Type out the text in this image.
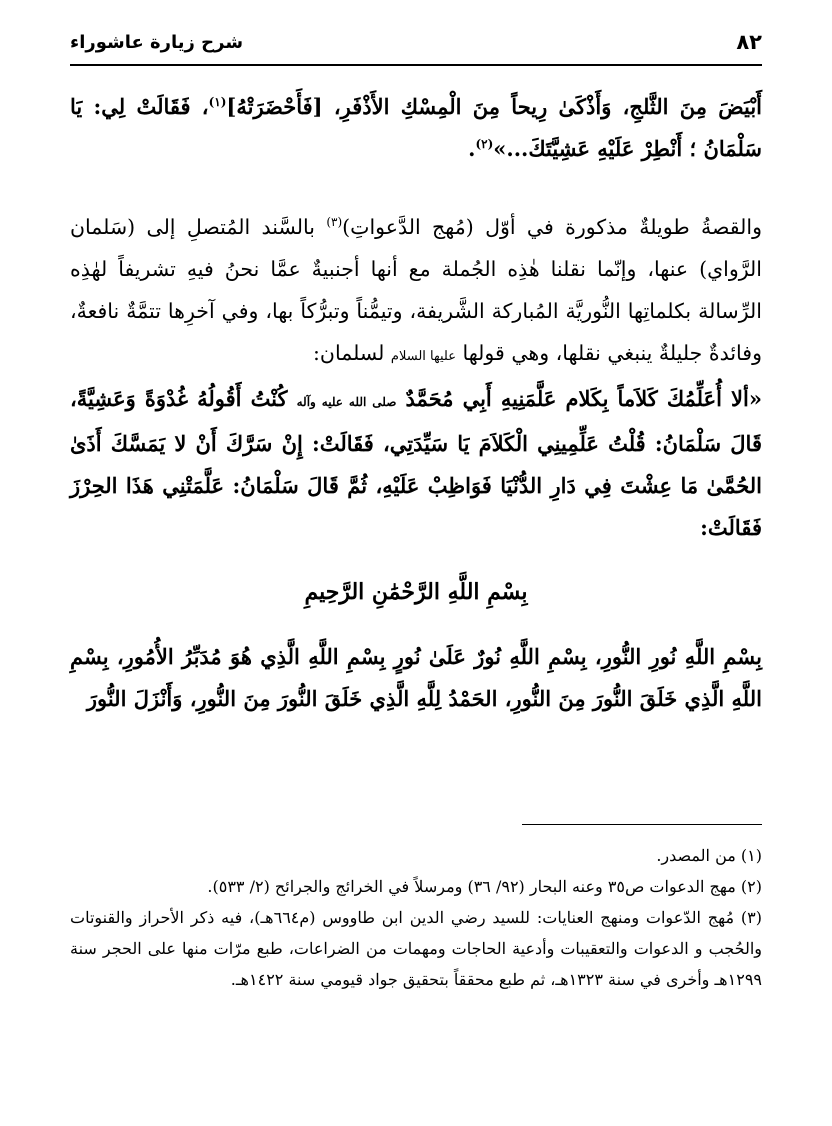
٨٢
شرح زيارة عاشوراء

أَبْيَضَ مِنَ الثَّلجِ، وَأَذْكَىٰ رِيحاً مِنَ الْمِسْكِ الأَذْفَرِ، [فَأَحْضَرَتْهُ]$^{(١)}$، فَقَالَتْ لِي: يَا سَلْمَانُ ؛ أَنْطِرْ عَلَيْهِ عَشِيَّتَكَ...»$^{(٢)}$.

والقصةُ طويلةٌ مذكورة في أوّل (مُهج الدَّعواتِ)$^{(٣)}$ بالسَّند المُتصلِ إلى (سَلمان الرَّواي) عنها، وإنّما نقلنا هٰذِه الجُملة مع أنها أجنبيةٌ عمَّا نحنُ فيهِ تشريفاً لهٰذِه الرِّسالة بكلماتِها النُّوريَّة المُباركة الشَّريفة، وتيمُّناً وتبرُّكاً بها، وفي آخرِها تتمَّةٌ نافعةٌ، وفائدةٌ جليلةٌ ينبغي نقلها، وهي قولها عليها السلام لسلمان:

«ألا أُعَلِّمُكَ كَلاَماً بِكَلام عَلَّمَنِيهِ أَبِي مُحَمَّدٌ صلى الله عليه وآله كُنْتُ أَقُولُهُ غُدْوَةً وَعَشِيَّةً، قَالَ سَلْمَانُ: قُلْتُ عَلِّمِينِي الْكَلاَمَ يَا سَيِّدَتِي، فَقَالَتْ: إِنْ سَرَّكَ أَنْ لا يَمَسَّكَ أَذَىٰ الحُمَّىٰ مَا عِشْتَ فِي دَارِ الدُّنْيَا فَوَاظِبْ عَلَيْهِ، ثُمَّ قَالَ سَلْمَانُ: عَلَّمَتْنِي هَذَا الحِرْزَ فَقَالَتْ:

بِسْمِ اللَّهِ الرَّحْمَٰنِ الرَّحِيمِ

بِسْمِ اللَّهِ نُورِ النُّورِ، بِسْمِ اللَّهِ نُورٌ عَلَىٰ نُورٍ بِسْمِ اللَّهِ الَّذِي هُوَ مُدَبِّرُ الأُمُورِ، بِسْمِ اللَّهِ الَّذِي خَلَقَ النُّورَ مِنَ النُّورِ، الحَمْدُ لِلَّهِ الَّذِي خَلَقَ النُّورَ مِنَ النُّورِ، وَأَنْزَلَ النُّورَ

(١) من المصدر.

(٢) مهج الدعوات ص٣٥ وعنه البحار (٩٢/ ٣٦) ومرسلاً في الخرائج والجرائح (٢/ ٥٣٣).

(٣) مُهج الدّعوات ومنهج العنايات: للسيد رضي الدين ابن طاووس (م٦٦٤هـ)، فيه ذكر الأحراز والقنوتات والحُجب و الدعوات والتعقيبات وأدعية الحاجات ومهمات من الضراعات، طبع مرّات منها على الحجر سنة ١٢٩٩هـ وأخرى في سنة ١٣٢٣هـ، ثم طبع محققاً بتحقيق جواد قيومي سنة ١٤٢٢هـ.
